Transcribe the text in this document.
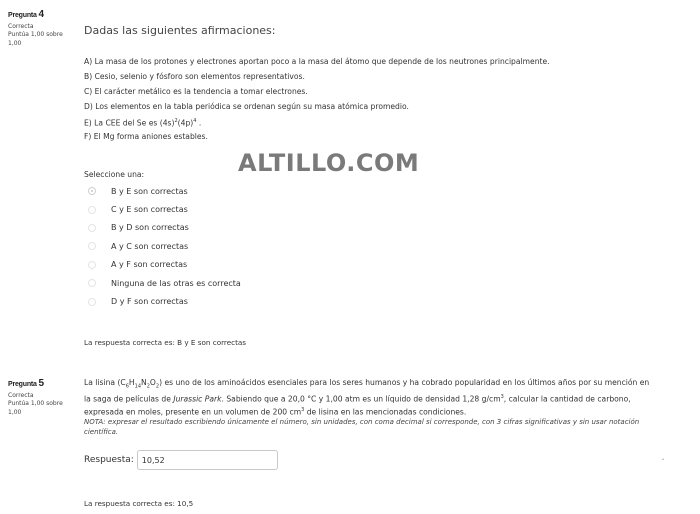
Pregunta 4
Correcta
Puntúa 1,00 sobre
1,00
Dadas las siguientes afirmaciones:
A) La masa de los protones y electrones aportan poco a la masa del átomo que depende de los neutrones principalmente.
B) Cesio, selenio y fósforo son elementos representativos.
C) El carácter metálico es la tendencia a tomar electrones.
D) Los elementos en la tabla periódica se ordenan según su masa atómica promedio.
E) La CEE del Se es $(4s)^2(4p)^4$ .
F) El Mg forma aniones estables.
ALTILLO.COM
Seleccione una:
B y E son correctas
C y E son correctas
B y D son correctas
A y C son correctas
A y F son correctas
Ninguna de las otras es correcta
D y F son correctas
La respuesta correcta es: B y E son correctas
Pregunta 5
Correcta
Puntúa 1,00 sobre
1,00
La lisina $(C_6H_{14}N_2O_2)$ es uno de los aminoácidos esenciales para los seres humanos y ha cobrado popularidad en los últimos años por su mención en la saga de películas de Jurassic Park. Sabiendo que a 20,0 °C y 1,00 atm es un líquido de densidad 1,28 $g/cm^3$, calcular la cantidad de carbono, expresada en moles, presente en un volumen de 200 $cm^3$ de lisina en las mencionadas condiciones.
NOTA: expresar el resultado escribiendo únicamente el número, sin unidades, con coma decimal si corresponde, con 3 cifras significativas y sin usar notación científica.
Respuesta:
10,52	ˆ
La respuesta correcta es: 10,5
